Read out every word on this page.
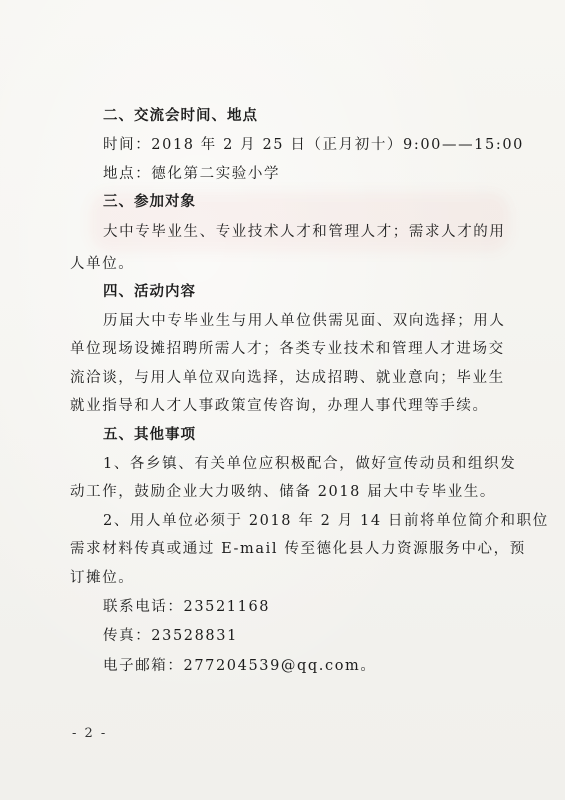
二、交流会时间、地点
时间：2018 年 2 月 25 日（正月初十）9:00——15:00
地点：德化第二实验小学
三、参加对象
大中专毕业生、专业技术人才和管理人才；需求人才的用
人单位。
四、活动内容
历届大中专毕业生与用人单位供需见面、双向选择；用人
单位现场设摊招聘所需人才；各类专业技术和管理人才进场交
流洽谈，与用人单位双向选择，达成招聘、就业意向；毕业生
就业指导和人才人事政策宣传咨询，办理人事代理等手续。
五、其他事项
1、各乡镇、有关单位应积极配合，做好宣传动员和组织发
动工作，鼓励企业大力吸纳、储备 2018 届大中专毕业生。
2、用人单位必须于 2018 年 2 月 14 日前将单位简介和职位
需求材料传真或通过 E-mail 传至德化县人力资源服务中心，预
订摊位。
联系电话：23521168
传真：23528831
电子邮箱：277204539@qq.com。
- 2 -
